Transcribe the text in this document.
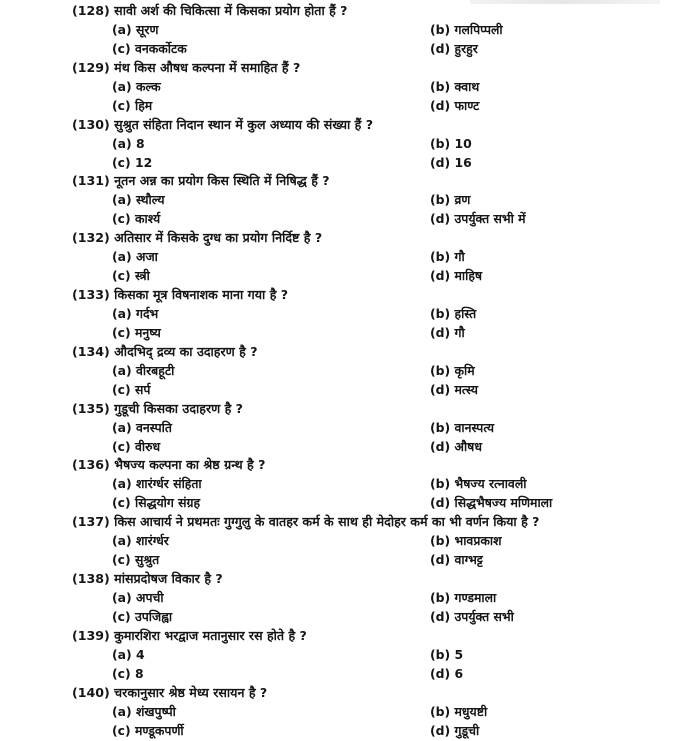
(128) सावी अर्श की चिकित्सा में किसका प्रयोग होता हैं ?
(a) सूरण	(b) गलपिप्पली
(c) वनकर्कोटक	(d) हुरहुर
(129) मंथ किस औषध कल्पना में समाहित हैं ?
(a) कल्क	(b) क्वाथ
(c) हिम	(d) फाण्ट
(130) सुश्रुत संहिता निदान स्थान में कुल अध्याय की संख्या हैं ?
(a) 8	(b) 10
(c) 12	(d) 16
(131) नूतन अन्न का प्रयोग किस स्थिति में निषिद्ध हैं ?
(a) स्थौल्य	(b) व्रण
(c) कार्श्य	(d) उपर्युक्त सभी में
(132) अतिसार में किसके दुग्ध का प्रयोग निर्दिष्ट है ?
(a) अजा	(b) गौ
(c) स्त्री	(d) माहिष
(133) किसका मूत्र विषनाशक माना गया है ?
(a) गर्दभ	(b) हस्ति
(c) मनुष्य	(d) गौ
(134) औदभिद् द्रव्य का उदाहरण है ?
(a) वीरबहूटी	(b) कृमि
(c) सर्प	(d) मत्स्य
(135) गुडूची किसका उदाहरण है ?
(a) वनस्पति	(b) वानस्पत्य
(c) वीरुध	(d) औषध
(136) भैषज्य कल्पना का श्रेष्ठ ग्रन्थ है ?
(a) शारंर्ग्धर संहिता	(b) भैषज्य रत्नावली
(c) सिद्धयोग संग्रह	(d) सिद्धभैषज्य मणिमाला
(137) किस आचार्य ने प्रथमतः गुग्गुलु के वातहर कर्म के साथ ही मेदोहर कर्म का भी वर्णन किया है ?
(a) शारंर्ग्धर	(b) भावप्रकाश
(c) सुश्रुत	(d) वाग्भट्ट
(138) मांसप्रदोषज विकार है ?
(a) अपची	(b) गण्डमाला
(c) उपजिह्वा	(d) उपर्युक्त सभी
(139) कुमारशिरा भरद्वाज मतानुसार रस होते है ?
(a) 4	(b) 5
(c) 8	(d) 6
(140) चरकानुसार श्रेष्ठ मेध्य रसायन है ?
(a) शंखपुष्पी	(b) मधुयष्टी
(c) मण्डूकपर्णी	(d) गुडूची
